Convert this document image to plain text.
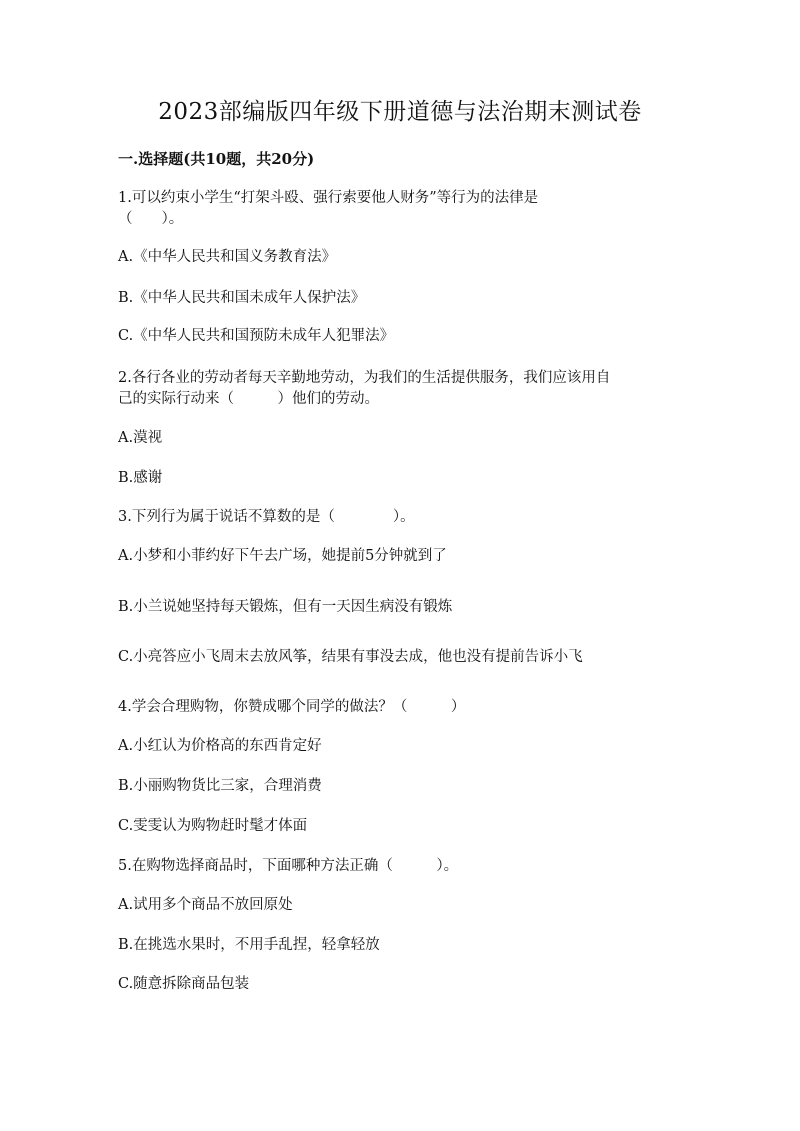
2023部编版四年级下册道德与法治期末测试卷
一.选择题(共10题，共20分)
1.可以约束小学生“打架斗殴、强行索要他人财务”等行为的法律是
（　　）。
A.《中华人民共和国义务教育法》
B.《中华人民共和国未成年人保护法》
C.《中华人民共和国预防未成年人犯罪法》
2.各行各业的劳动者每天辛勤地劳动，为我们的生活提供服务，我们应该用自
己的实际行动来（　　　）他们的劳动。
A.漠视
B.感谢
3.下列行为属于说话不算数的是（　　　　）。
A.小梦和小菲约好下午去广场，她提前5分钟就到了
B.小兰说她坚持每天锻炼，但有一天因生病没有锻炼
C.小亮答应小飞周末去放风筝，结果有事没去成，他也没有提前告诉小飞
4.学会合理购物，你赞成哪个同学的做法？（　　　）
A.小红认为价格高的东西肯定好
B.小丽购物货比三家，合理消费
C.雯雯认为购物赶时髦才体面
5.在购物选择商品时，下面哪种方法正确（　　　）。
A.试用多个商品不放回原处
B.在挑选水果时，不用手乱捏，轻拿轻放
C.随意拆除商品包装
